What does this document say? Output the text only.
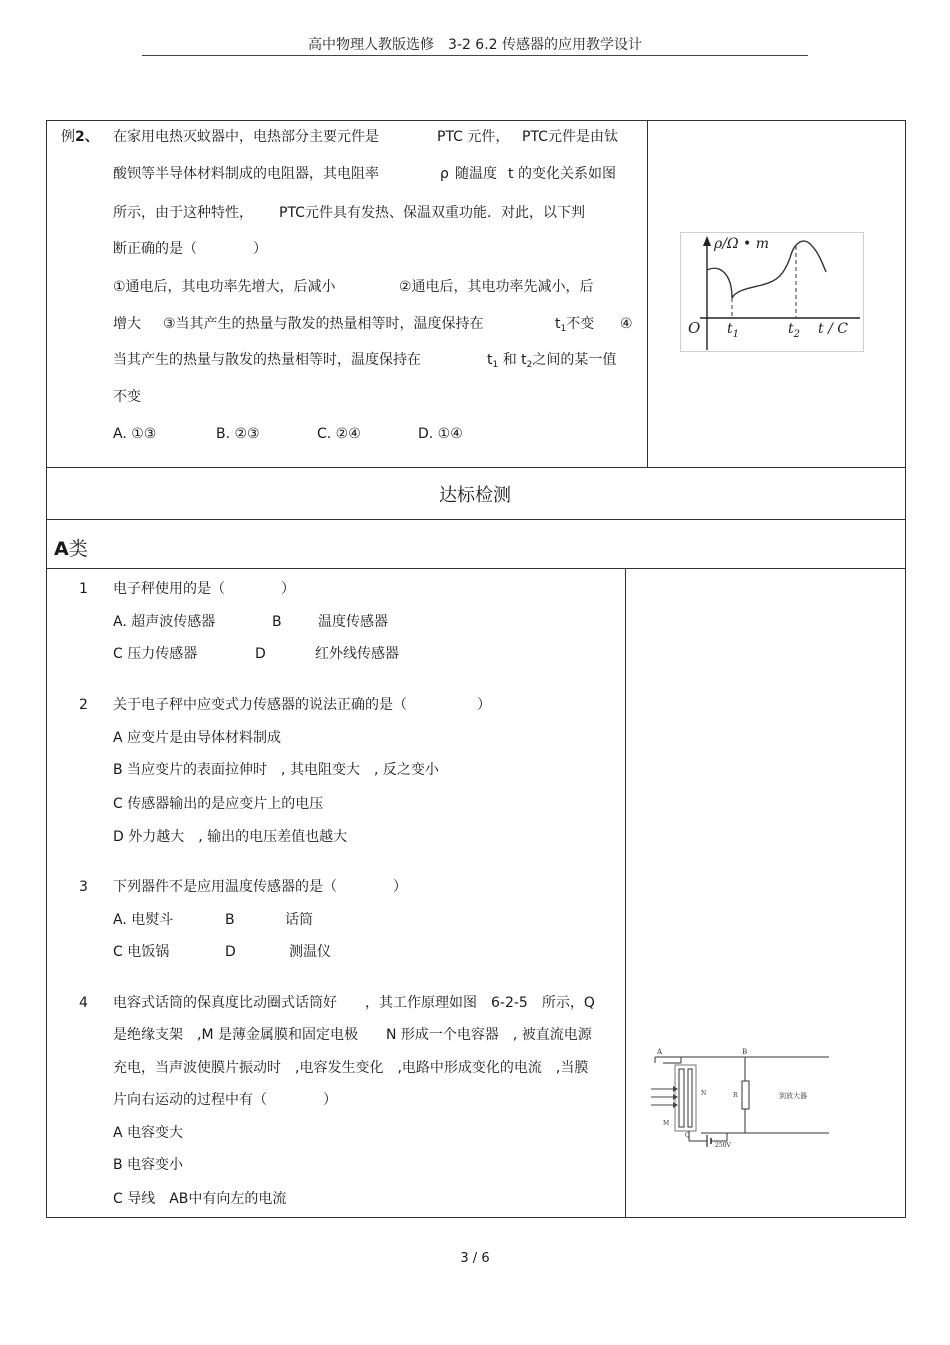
高中物理人教版选修　3-2 6.2 传感器的应用教学设计
例2、 在家用电热灭蚊器中，电热部分主要元件是	PTC 元件， PTC元件是由钛
酸钡等半导体材料制成的电阻器，其电阻率	ρ 随温度 t 的变化关系如图
所示，由于这种特性， PTC元件具有发热、保温双重功能．对此，以下判
断正确的是（　　　　）
①通电后，其电功率先增大，后减小	②通电后，其电功率先减小，后
增大 ③当其产生的热量与散发的热量相等时，温度保持在	$t_1$不变 ④
当其产生的热量与散发的热量相等时，温度保持在	$t_1$ 和 $t_2$之间的某一值
不变
A. ①③	B. ②③	C. ②④	D. ①④
ρ/Ω • m
O $t_1$	$t_2$ t / C
达标检测
A类
1 电子秤使用的是（　　　　）
A. 超声波传感器	B	温度传感器
C 压力传感器	D	红外线传感器
2 关于电子秤中应变式力传感器的说法正确的是（　　　　　）
A 应变片是由导体材料制成
B 当应变片的表面拉伸时　, 其电阻变大　, 反之变小
C 传感器输出的是应变片上的电压
D 外力越大　, 输出的电压差值也越大
3 下列器件不是应用温度传感器的是（　　　　）
A. 电熨斗	B	话筒
C 电饭锅	D	测温仪
4 电容式话筒的保真度比动圈式话筒好　　，其工作原理如图　6-2-5　所示，Q
是绝缘支架　,M 是薄金属膜和固定电极　　N 形成一个电容器　, 被直流电源
充电，当声波使膜片振动时　,电容发生变化　,电路中形成变化的电流　,当膜
片向右运动的过程中有（　　　　）
A 电容变大
B 电容变小
C 导线　AB中有向左的电流
A	B
N	R
M
Q
250V
到放大器
3 / 6
